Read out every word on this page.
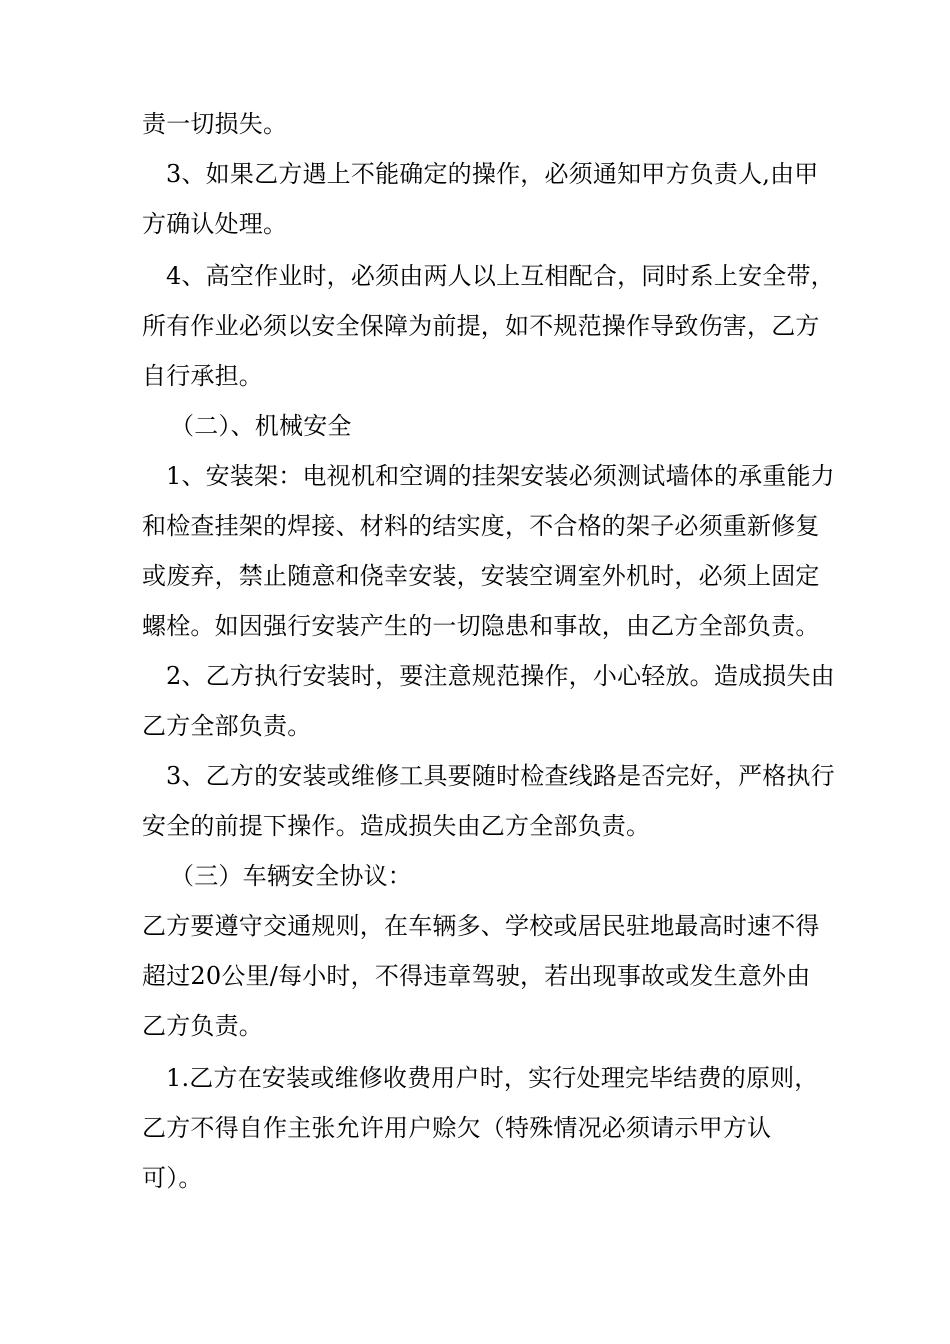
责一切损失。
3、如果乙方遇上不能确定的操作，必须通知甲方负责人,由甲
方确认处理。
4、高空作业时，必须由两人以上互相配合，同时系上安全带，
所有作业必须以安全保障为前提，如不规范操作导致伤害，乙方
自行承担。
（二）、机械安全
1、安装架：电视机和空调的挂架安装必须测试墙体的承重能力
和检查挂架的焊接、材料的结实度，不合格的架子必须重新修复
或废弃，禁止随意和侥幸安装，安装空调室外机时，必须上固定
螺栓。如因强行安装产生的一切隐患和事故，由乙方全部负责。
2、乙方执行安装时，要注意规范操作，小心轻放。造成损失由
乙方全部负责。
3、乙方的安装或维修工具要随时检查线路是否完好，严格执行
安全的前提下操作。造成损失由乙方全部负责。
（三）车辆安全协议：
乙方要遵守交通规则，在车辆多、学校或居民驻地最高时速不得
超过20公里/每小时，不得违章驾驶，若出现事故或发生意外由
乙方负责。
1.乙方在安装或维修收费用户时，实行处理完毕结费的原则，
乙方不得自作主张允许用户赊欠（特殊情况必须请示甲方认
可）。
